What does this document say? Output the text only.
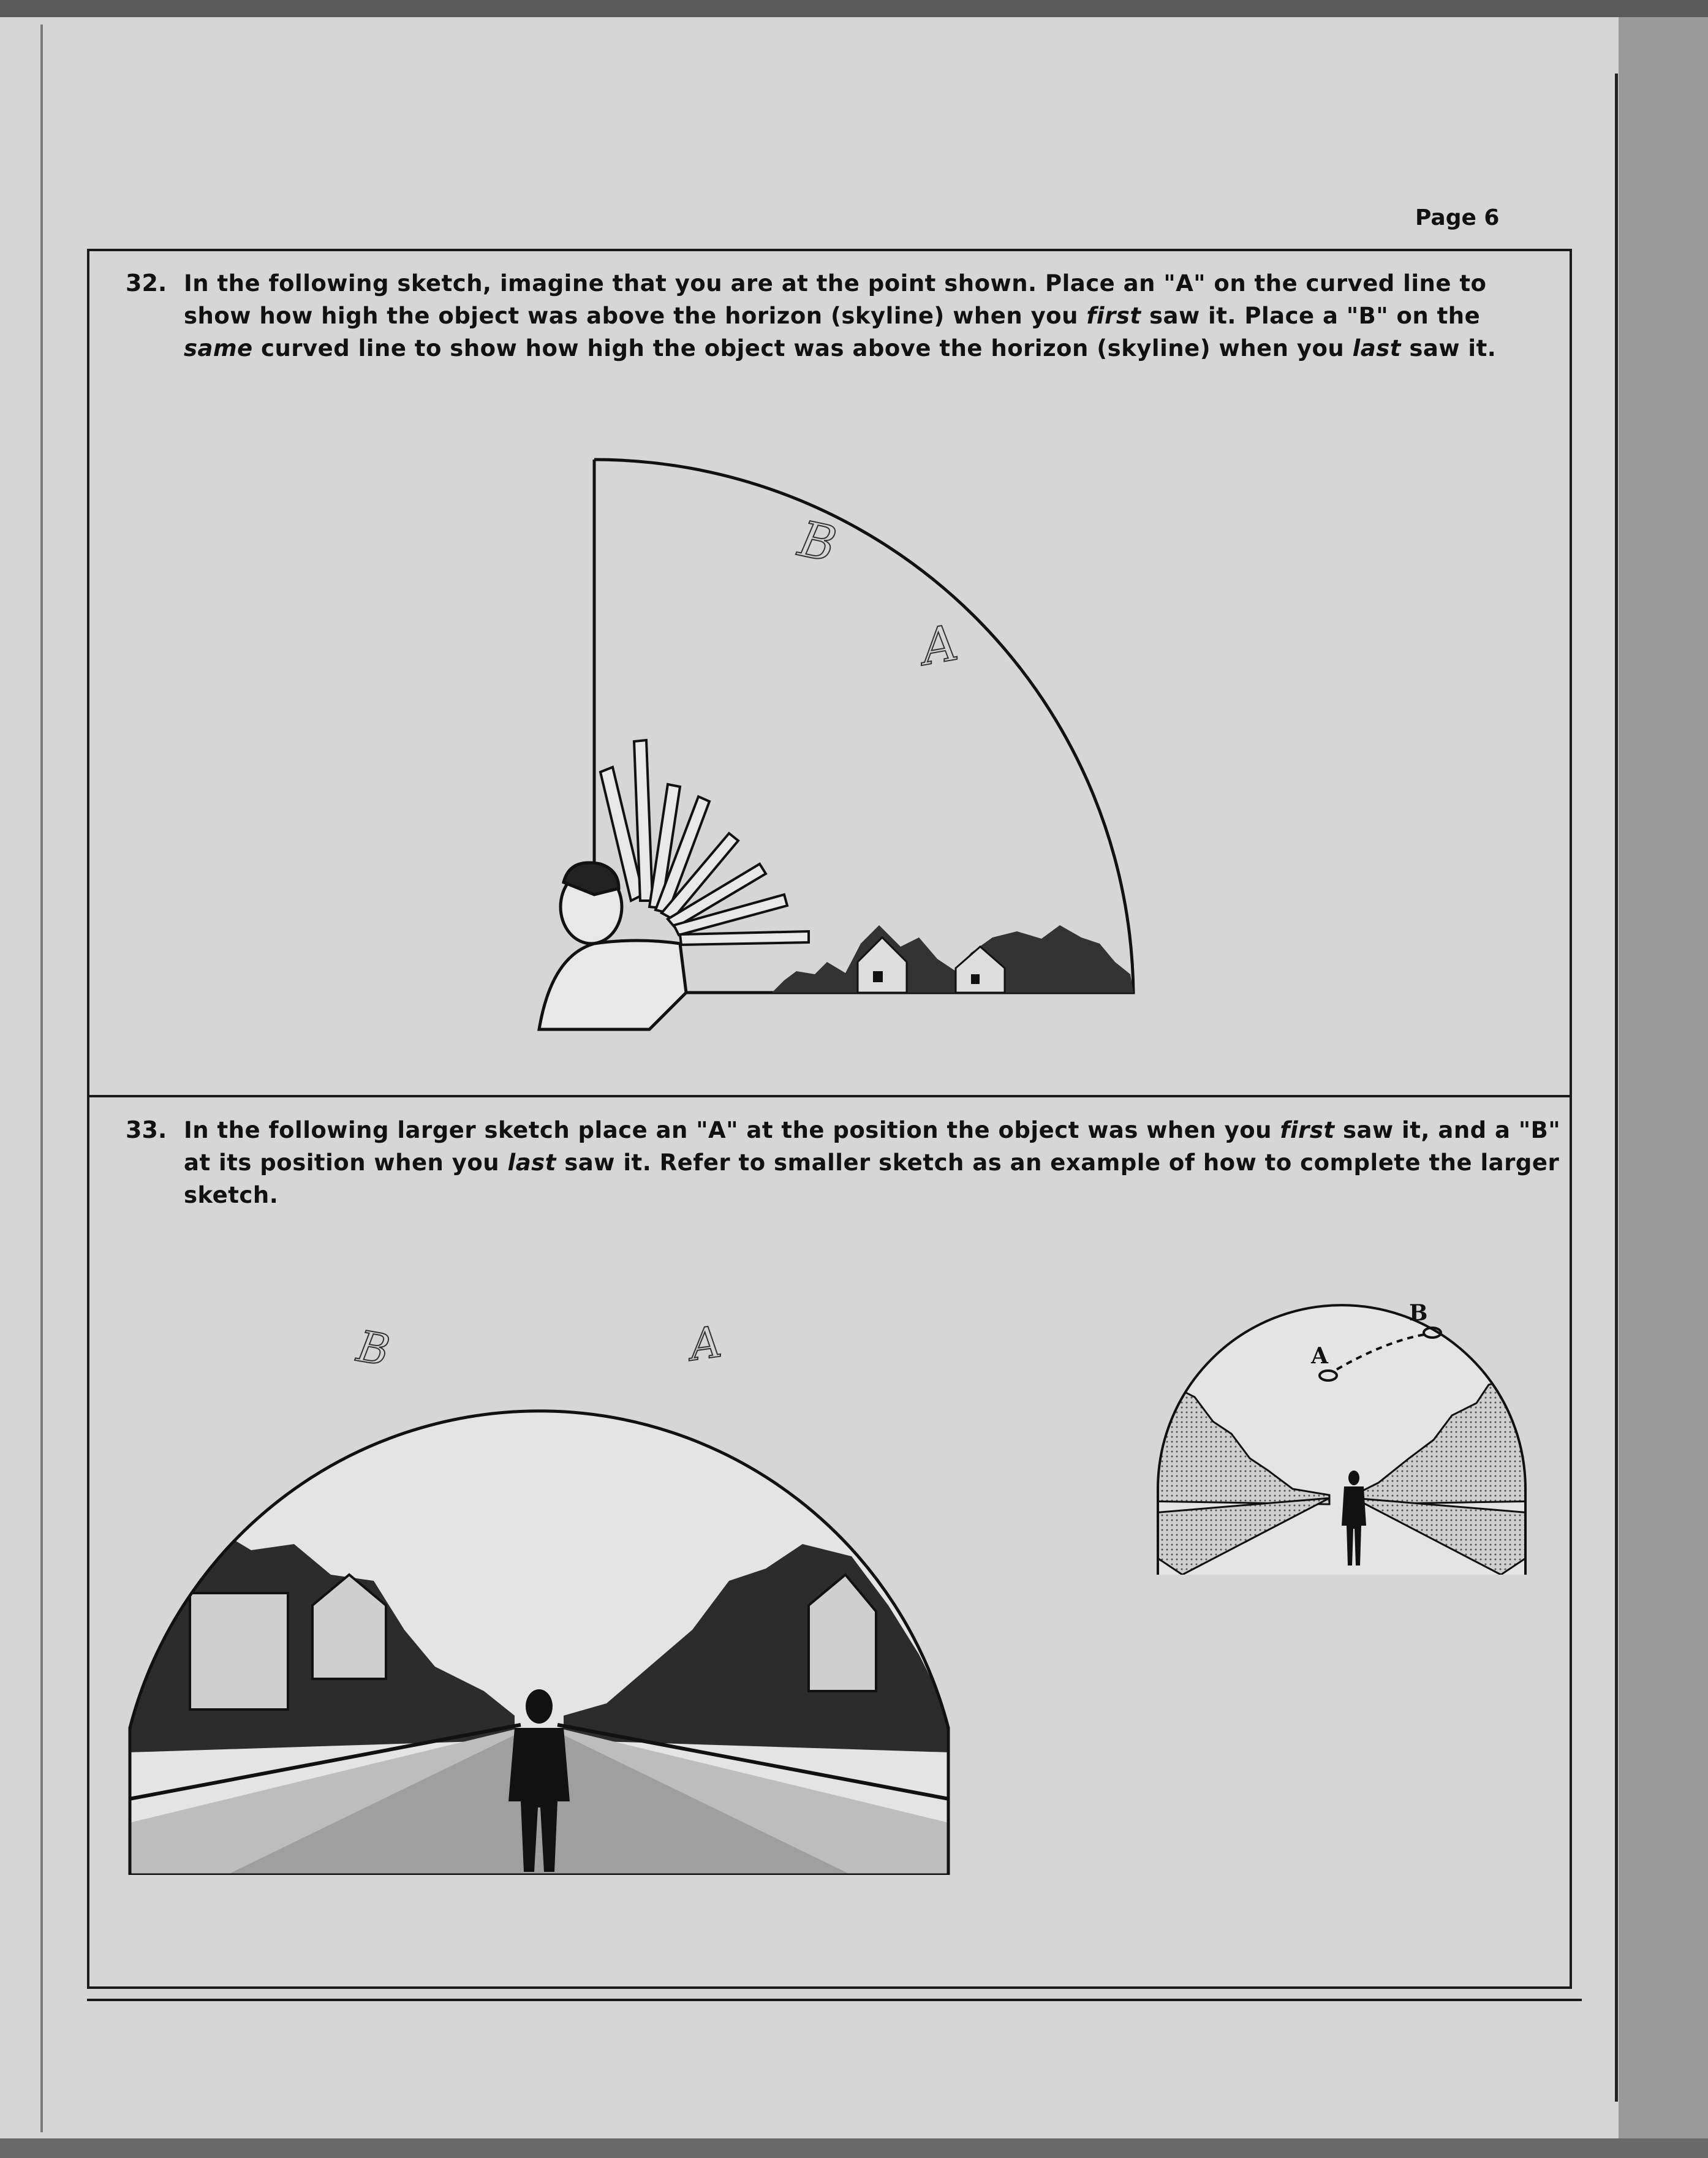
Page 6
32. In the following sketch, imagine that you are at the point shown. Place an "A" on the curved line to show how high the object was above the horizon (skyline) when you first saw it. Place a "B" on the same curved line to show how high the object was above the horizon (skyline) when you last saw it.
B
A
33. In the following larger sketch place an "A" at the position the object was when you first saw it, and a "B" at its position when you last saw it. Refer to smaller sketch as an example of how to complete the larger sketch.
B	A	A
B
